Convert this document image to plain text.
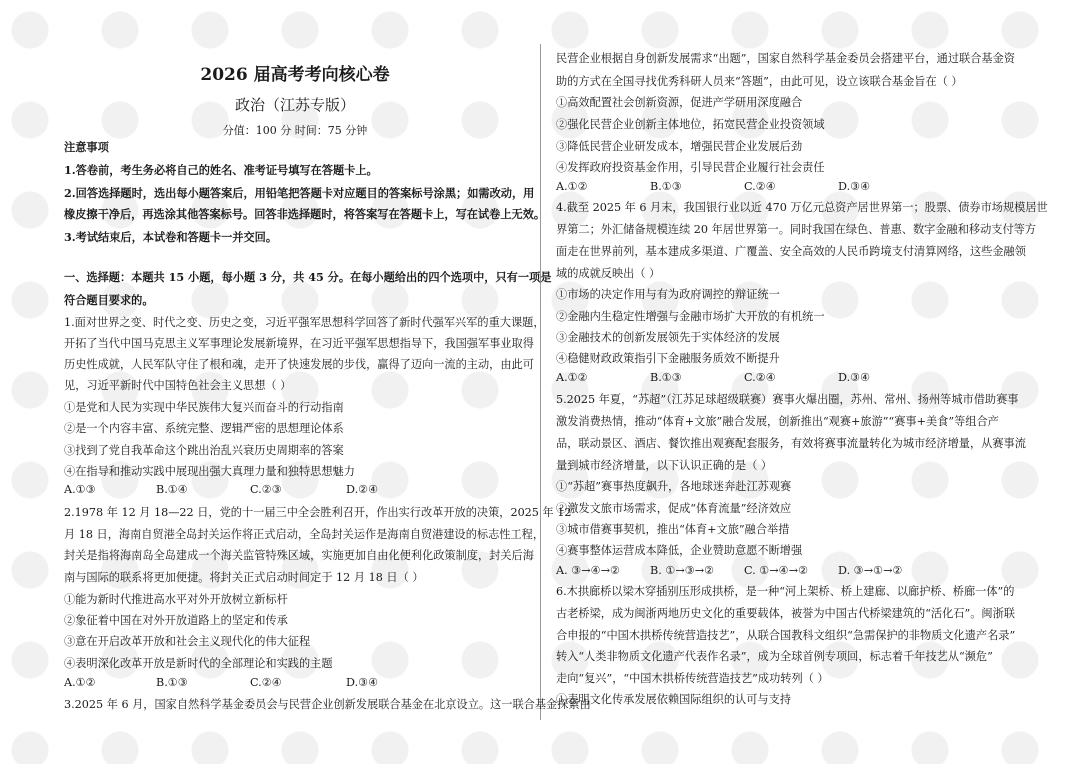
2026 届高考考向核心卷
政治（江苏专版）
分值：100 分 时间：75 分钟
注意事项
1.答卷前，考生务必将自己的姓名、准考证号填写在答题卡上。
2.回答选择题时，选出每小题答案后，用铅笔把答题卡对应题目的答案标号涂黑；如需改动，用
橡皮擦干净后，再选涂其他答案标号。回答非选择题时，将答案写在答题卡上，写在试卷上无效。
3.考试结束后，本试卷和答题卡一并交回。
一、选择题：本题共 15 小题，每小题 3 分，共 45 分。在每小题给出的四个选项中，只有一项是
符合题目要求的。
1.面对世界之变、时代之变、历史之变，习近平强军思想科学回答了新时代强军兴军的重大课题，
开拓了当代中国马克思主义军事理论发展新境界，在习近平强军思想指导下，我国强军事业取得
历史性成就，人民军队守住了根和魂，走开了快速发展的步伐，赢得了迈向一流的主动，由此可
见，习近平新时代中国特色社会主义思想（ ）
①是党和人民为实现中华民族伟大复兴而奋斗的行动指南
②是一个内容丰富、系统完整、逻辑严密的思想理论体系
③找到了党自我革命这个跳出治乱兴衰历史周期率的答案
④在指导和推动实践中展现出强大真理力量和独特思想魅力
2.1978 年 12 月 18—22 日，党的十一届三中全会胜利召开，作出实行改革开放的决策，2025 年 12
月 18 日，海南自贸港全岛封关运作将正式启动，全岛封关运作是海南自贸港建设的标志性工程，
封关是指将海南岛全岛建成一个海关监管特殊区域，实施更加自由化便利化政策制度，封关后海
南与国际的联系将更加便捷。将封关正式启动时间定于 12 月 18 日（ ）
①能为新时代推进高水平对外开放树立新标杆
②象征着中国在对外开放道路上的坚定和传承
③意在开启改革开放和社会主义现代化的伟大征程
④表明深化改革开放是新时代的全部理论和实践的主题
3.2025 年 6 月，国家自然科学基金委员会与民营企业创新发展联合基金在北京设立。这一联合基金探索由
A.①③	B.①④	C.②③	D.②④
A.①②	B.①③	C.②④	D.③④
民营企业根据自身创新发展需求“出题”，国家自然科学基金委员会搭建平台，通过联合基金资
助的方式在全国寻找优秀科研人员来“答题”，由此可见，设立该联合基金旨在（ ）
①高效配置社会创新资源，促进产学研用深度融合
②强化民营企业创新主体地位，拓宽民营企业投资领域
③降低民营企业研发成本，增强民营企业发展后劲
④发挥政府投资基金作用，引导民营企业履行社会责任
4.截至 2025 年 6 月末，我国银行业以近 470 万亿元总资产居世界第一；股票、债券市场规模居世
界第二；外汇储备规模连续 20 年居世界第一。同时我国在绿色、普惠、数字金融和移动支付等方
面走在世界前列，基本建成多渠道、广覆盖、安全高效的人民币跨境支付清算网络，这些金融领
域的成就反映出（ ）
①市场的决定作用与有为政府调控的辩证统一
②金融内生稳定性增强与金融市场扩大开放的有机统一
③金融技术的创新发展领先于实体经济的发展
④稳健财政政策指引下金融服务质效不断提升
5.2025 年夏，“苏超”（江苏足球超级联赛）赛事火爆出圈，苏州、常州、扬州等城市借助赛事
激发消费热情，推动“体育+文旅”融合发展，创新推出“观赛+旅游”“赛事+美食”等组合产
品，联动景区、酒店、餐饮推出观赛配套服务，有效将赛事流量转化为城市经济增量，从赛事流
量到城市经济增量，以下认识正确的是（ ）
①“苏超”赛事热度飙升，各地球迷奔赴江苏观赛
②激发文旅市场需求，促成“体育流量”经济效应
③城市借赛事契机，推出“体育+文旅”融合举措
④赛事整体运营成本降低，企业赞助意愿不断增强
6.木拱廊桥以梁木穿插别压形成拱桥，是一种“河上架桥、桥上建廊、以廊护桥、桥廊一体”的
古老桥梁，成为闽浙两地历史文化的重要载体，被誉为中国古代桥梁建筑的“活化石”。闽浙联
合申报的“中国木拱桥传统营造技艺”，从联合国教科文组织“急需保护的非物质文化遗产名录”
转入“人类非物质文化遗产代表作名录”，成为全球首例专项回，标志着千年技艺从“濒危”
走向“复兴”，“中国木拱桥传统营造技艺”成功转列（ ）
①表明文化传承发展依赖国际组织的认可与支持
A.①②	B.①③	C.②④	D.③④
A.①②	B.①③	C.②④	D.③④
A. ③→④→②	B. ①→③→②	C. ①→④→②	D. ③→①→②
